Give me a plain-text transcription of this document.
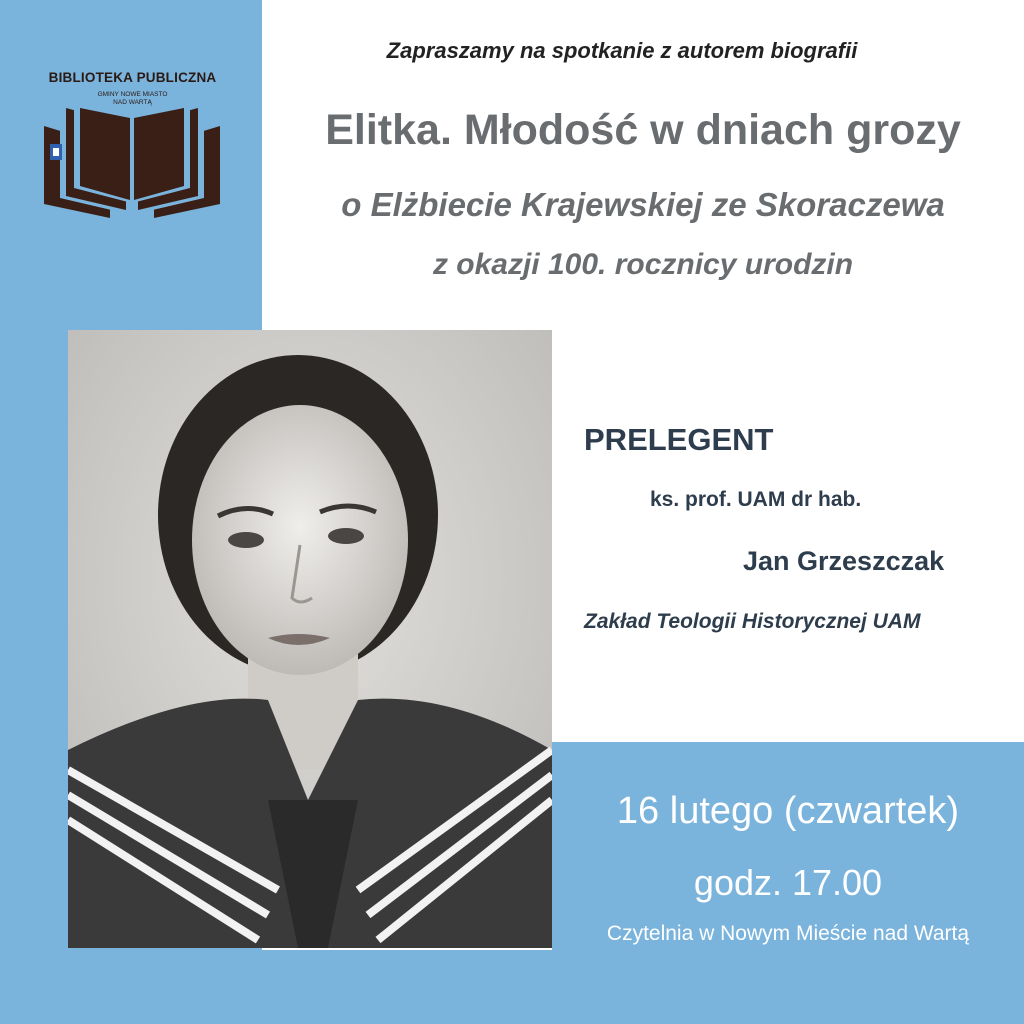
BIBLIOTEKA PUBLICZNA
GMINY NOWE MIASTO
NAD WARTĄ
Zapraszamy na spotkanie z autorem biografii
Elitka. Młodość w dniach grozy
o Elżbiecie Krajewskiej ze Skoraczewa
z okazji 100. rocznicy urodzin
PRELEGENT
ks. prof. UAM dr hab.
Jan Grzeszczak
Zakład Teologii Historycznej UAM
16 lutego (czwartek)
godz. 17.00
Czytelnia w Nowym Mieście nad Wartą
